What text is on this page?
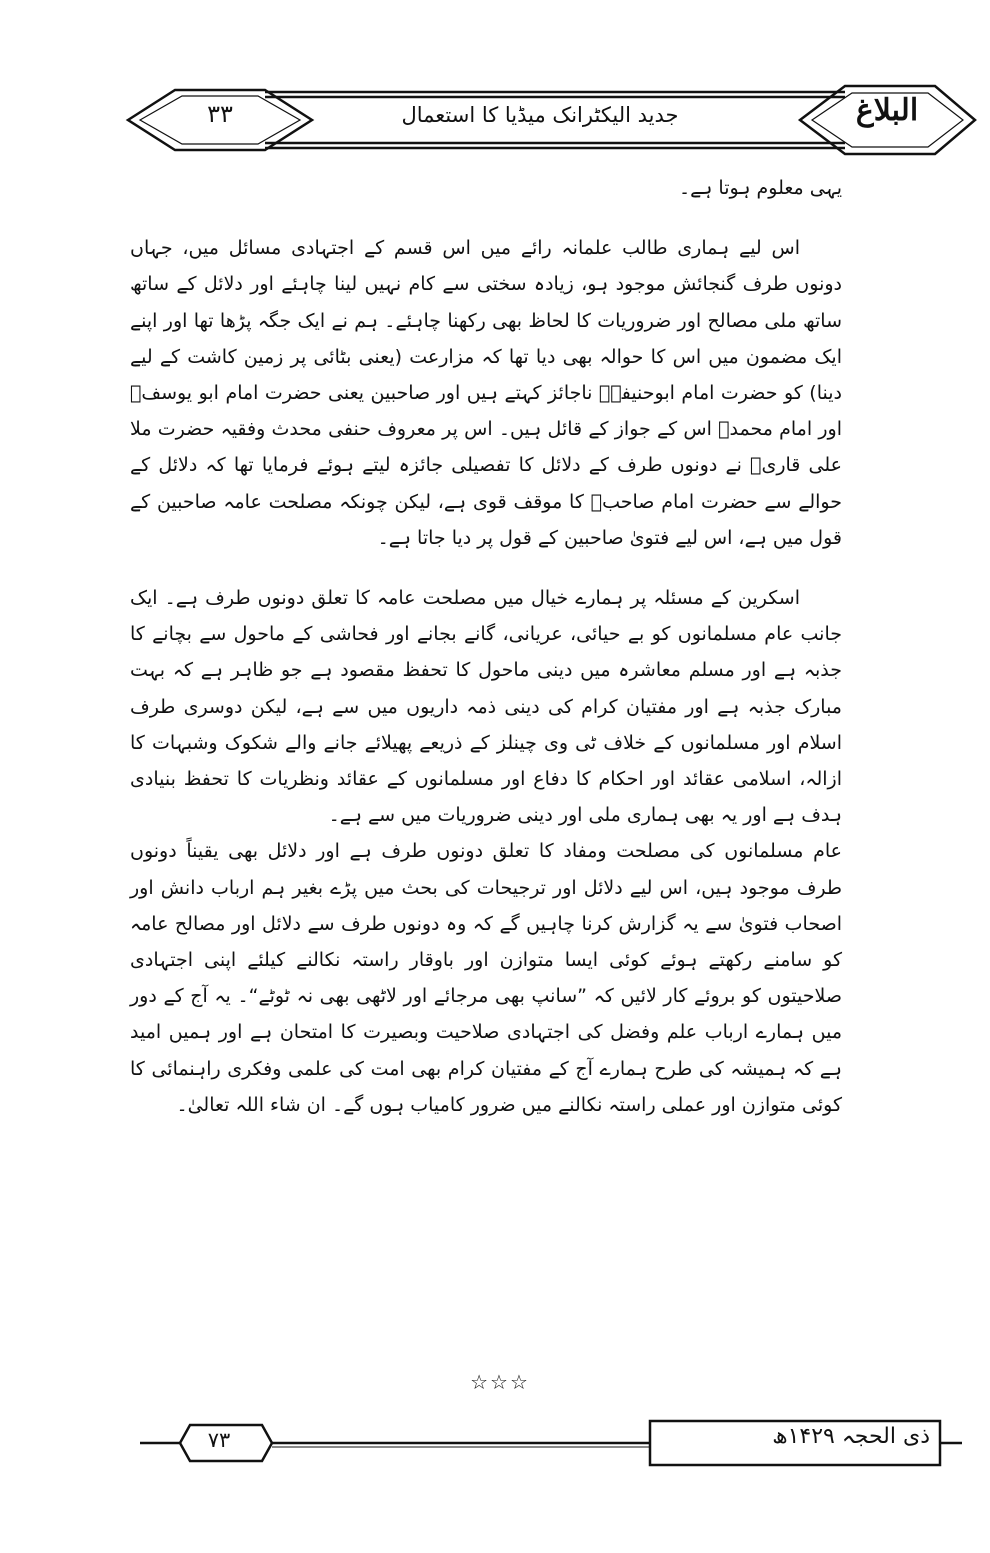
البلاغ
جدید الیکٹرانک میڈیا کا استعمال
۳۳

یہی معلوم ہوتا ہے۔

اس لیے ہماری طالب علمانہ رائے میں اس قسم کے اجتہادی مسائل میں، جہاں دونوں طرف گنجائش موجود ہو، زیادہ سختی سے کام نہیں لینا چاہئے اور دلائل کے ساتھ ساتھ ملی مصالح اور ضروریات کا لحاظ بھی رکھنا چاہئے۔ ہم نے ایک جگہ پڑھا تھا اور اپنے ایک مضمون میں اس کا حوالہ بھی دیا تھا کہ مزارعت (یعنی بٹائی پر زمین کاشت کے لیے دینا) کو حضرت امام ابوحنیفہؒ ناجائز کہتے ہیں اور صاحبین یعنی حضرت امام ابو یوسفؒ اور امام محمدؒ اس کے جواز کے قائل ہیں۔ اس پر معروف حنفی محدث وفقیہ حضرت ملا علی قاریؒ نے دونوں طرف کے دلائل کا تفصیلی جائزہ لیتے ہوئے فرمایا تھا کہ دلائل کے حوالے سے حضرت امام صاحبؒ کا موقف قوی ہے، لیکن چونکہ مصلحت عامہ صاحبین کے قول میں ہے، اس لیے فتویٰ صاحبین کے قول پر دیا جاتا ہے۔

اسکرین کے مسئلہ پر ہمارے خیال میں مصلحت عامہ کا تعلق دونوں طرف ہے۔ ایک جانب عام مسلمانوں کو بے حیائی، عریانی، گانے بجانے اور فحاشی کے ماحول سے بچانے کا جذبہ ہے اور مسلم معاشرہ میں دینی ماحول کا تحفظ مقصود ہے جو ظاہر ہے کہ بہت مبارک جذبہ ہے اور مفتیان کرام کی دینی ذمہ داریوں میں سے ہے، لیکن دوسری طرف اسلام اور مسلمانوں کے خلاف ٹی وی چینلز کے ذریعے پھیلائے جانے والے شکوک وشبہات کا ازالہ، اسلامی عقائد اور احکام کا دفاع اور مسلمانوں کے عقائد ونظریات کا تحفظ بنیادی ہدف ہے اور یہ بھی ہماری ملی اور دینی ضروریات میں سے ہے۔

عام مسلمانوں کی مصلحت ومفاد کا تعلق دونوں طرف ہے اور دلائل بھی یقیناً دونوں طرف موجود ہیں، اس لیے دلائل اور ترجیحات کی بحث میں پڑے بغیر ہم ارباب دانش اور اصحاب فتویٰ سے یہ گزارش کرنا چاہیں گے کہ وہ دونوں طرف سے دلائل اور مصالح عامہ کو سامنے رکھتے ہوئے کوئی ایسا متوازن اور باوقار راستہ نکالنے کیلئے اپنی اجتہادی صلاحیتوں کو بروئے کار لائیں کہ ”سانپ بھی مرجائے اور لاٹھی بھی نہ ٹوٹے“۔ یہ آج کے دور میں ہمارے ارباب علم وفضل کی اجتہادی صلاحیت وبصیرت کا امتحان ہے اور ہمیں امید ہے کہ ہمیشہ کی طرح ہمارے آج کے مفتیان کرام بھی امت کی علمی وفکری راہنمائی کا کوئی متوازن اور عملی راستہ نکالنے میں ضرور کامیاب ہوں گے۔ ان شاء اللہ تعالیٰ۔

☆☆☆
۷۳	ذی الحجہ ۱۴۲۹ھ
